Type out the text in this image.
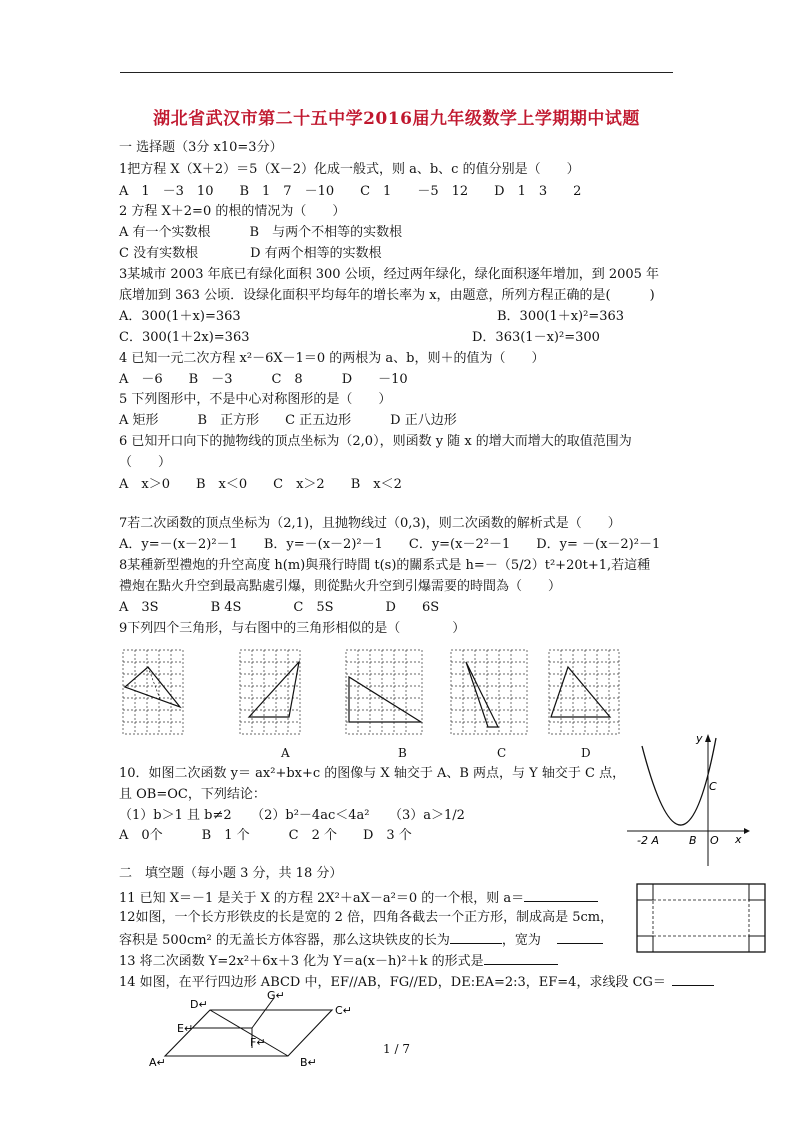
湖北省武汉市第二十五中学2016届九年级数学上学期期中试题
一 选择题（3分 x10=3分）
1把方程 X（X＋2）＝5（X－2）化成一般式，则 a、b、c 的值分别是（　　）
A　1　－3　10　　B　1　7　－10　　C　1　　－5　12　　D　1　3　　2
2 方程 X＋2=0 的根的情况为（　　）
A 有一个实数根　　　B　与两个不相等的实数根
C 没有实数根　　　　D 有两个相等的实数根
3某城市 2003 年底已有绿化面积 300 公顷，经过两年绿化，绿化面积逐年增加，到 2005 年
底增加到 363 公顷．设绿化面积平均每年的增长率为 x，由题意，所列方程正确的是(　　　)
A．300(1＋x)=363	B．300(1＋x)²=363
C．300(1＋2x)=363	D．363(1－x)²=300
4 已知一元二次方程 x²－6X－1＝0 的两根为 a、b，则＋的值为（　　）
A　－6　　B　－3　　　C　8　　　D　　－10
5 下列图形中，不是中心对称图形的是（　　）
A 矩形　　　B　正方形　　C 正五边形　　　D 正八边形
6 已知开口向下的抛物线的顶点坐标为（2,0），则函数 y 随 x 的增大而增大的取值范围为
（　　）
A　x＞0　　B　x＜0　　C　x＞2　　B　x＜2
7若二次函数的顶点坐标为（2,1)，且抛物线过（0,3)，则二次函数的解析式是（　　）
A．y=－(x－2)²－1　　B．y=－(x－2)²－1　　C．y=(x－2²－1　　D．y= －(x－2)²－1
8某種新型禮炮的升空高度 h(m)與飛行時間 t(s)的關系式是 h=－（5/2）t²+20t+1,若這種
禮炮在點火升空到最高點處引爆，則從點火升空到引爆需要的時間為（　　）
A　3S　　　　B 4S　　　　C　5S　　　　D　　6S
9下列四个三角形，与右图中的三角形相似的是（　　　　）
A	B	C	D
y
x
C
O
B
-2 A
10．如图二次函数 y＝ ax²+bx+c 的图像与 X 轴交于 A、B 两点，与 Y 轴交于 C 点，
且 OB=OC，下列结论：
（1）b＞1 且 b≠2　　（2）b²－4ac＜4a²　　（3）a＞1/2
A　0个　　　B　1 个　　　C　2 个　　D　3 个
二　填空题（每小题 3 分，共 18 分）
11 已知 X＝－1 是关于 X 的方程 2X²＋aX－a²＝0 的一个根，则 a＝
12如图，一个长方形铁皮的长是宽的 2 倍，四角各截去一个正方形，制成高是 5cm，
容积是 500cm² 的无盖长方体容器，那么这块铁皮的长为	，宽为
13 将二次函数 Y=2x²＋6x＋3 化为 Y＝a(x－h)²＋k 的形式是
14 如图，在平行四边形 ABCD 中，EF//AB，FG//ED，DE:EA=2:3，EF=4，求线段 CG＝
D↵
G↵
C↵
E↵
F↵
A↵	B↵
1 / 7
